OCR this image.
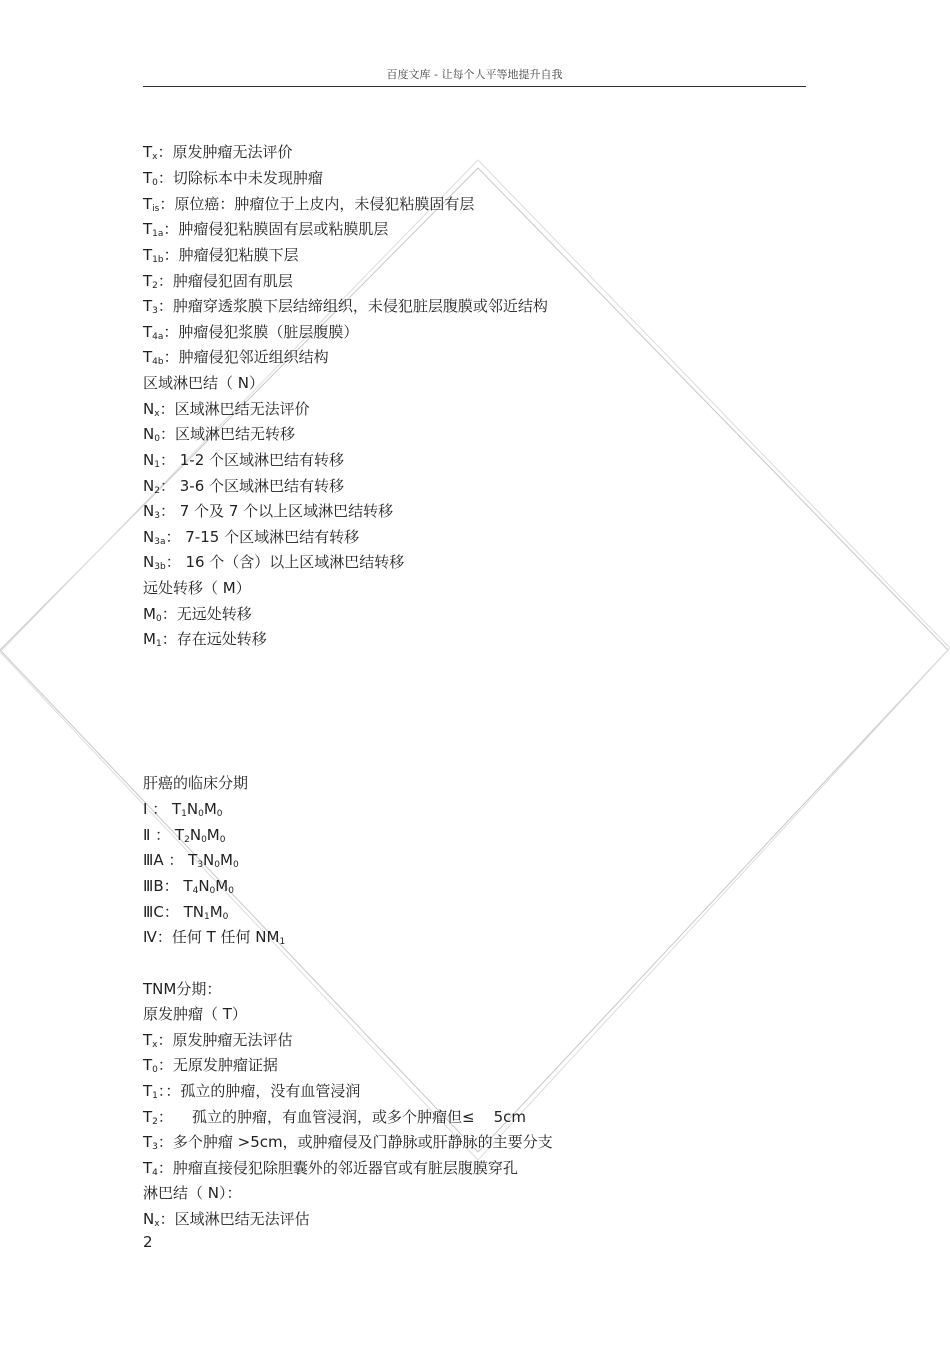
百度文库 - 让每个人平等地提升自我
$T_x$：原发肿瘤无法评价
$T_0$：切除标本中未发现肿瘤
$T_{is}$：原位癌：肿瘤位于上皮内，未侵犯粘膜固有层
$T_{1a}$：肿瘤侵犯粘膜固有层或粘膜肌层
$T_{1b}$：肿瘤侵犯粘膜下层
$T_2$：肿瘤侵犯固有肌层
$T_3$：肿瘤穿透浆膜下层结缔组织，未侵犯脏层腹膜或邻近结构
$T_{4a}$：肿瘤侵犯浆膜（脏层腹膜）
$T_{4b}$：肿瘤侵犯邻近组织结构
区域淋巴结（ N）
$N_x$：区域淋巴结无法评价
$N_0$：区域淋巴结无转移
$N_1$： 1-2 个区域淋巴结有转移
$N_2$： 3-6 个区域淋巴结有转移
$N_3$： 7 个及 7 个以上区域淋巴结转移
$N_{3a}$： 7-15 个区域淋巴结有转移
$N_{3b}$： 16 个（含）以上区域淋巴结转移
远处转移（ M）
$M_0$：无远处转移
$M_1$：存在远处转移
肝癌的临床分期
Ⅰ ： $T_1N_0M_0$
Ⅱ ： $T_2N_0M_0$
ⅢA ： $T_3N_0M_0$
ⅢB： $T_4N_0M_0$
ⅢC： $TN_1M_0$
Ⅳ：任何 T 任何 $NM_1$
TNM分期：
原发肿瘤（ T）
$T_x$：原发肿瘤无法评估
$T_0$：无原发肿瘤证据
$T_1$：：孤立的肿瘤，没有血管浸润
$T_2$：    孤立的肿瘤，有血管浸润，或多个肿瘤但≤    5cm
$T_3$：多个肿瘤 >5cm，或肿瘤侵及门静脉或肝静脉的主要分支
$T_4$：肿瘤直接侵犯除胆囊外的邻近器官或有脏层腹膜穿孔
淋巴结（ N）：
$N_x$：区域淋巴结无法评估
2
